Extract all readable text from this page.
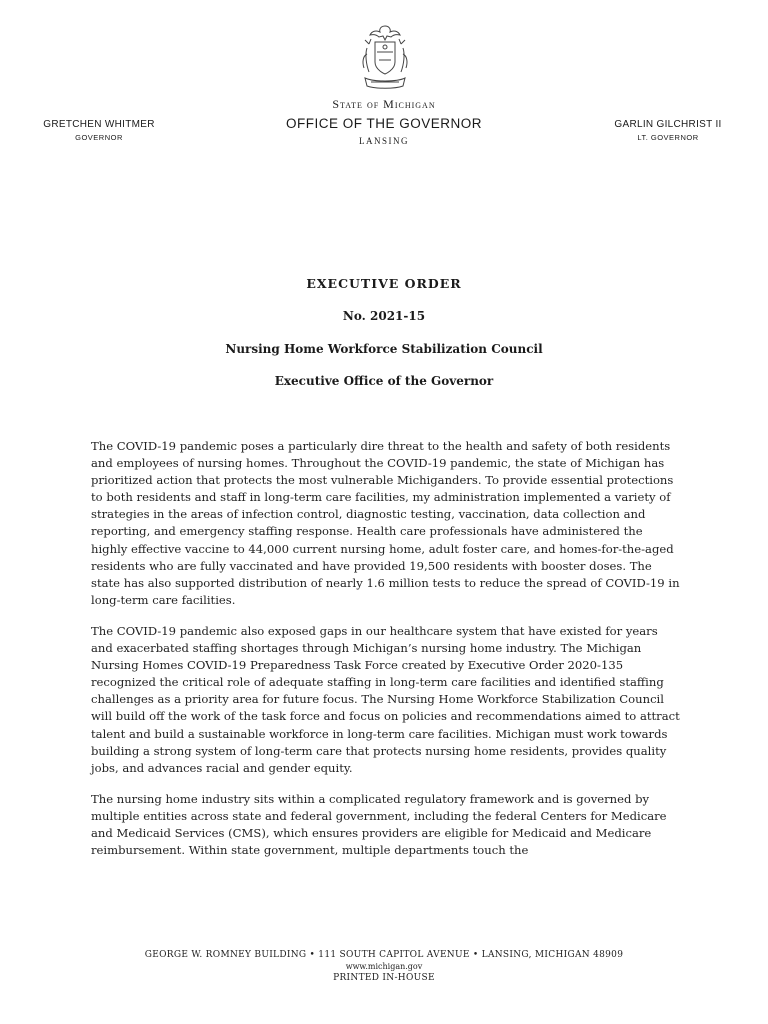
GRETCHEN WHITMER
GOVERNOR
State of Michigan
OFFICE OF THE GOVERNOR
LANSING
GARLIN GILCHRIST II
LT. GOVERNOR
EXECUTIVE ORDER
No. 2021-15
Nursing Home Workforce Stabilization Council
Executive Office of the Governor

The COVID-19 pandemic poses a particularly dire threat to the health and safety of both residents and employees of nursing homes. Throughout the COVID-19 pandemic, the state of Michigan has prioritized action that protects the most vulnerable Michiganders. To provide essential protections to both residents and staff in long-term care facilities, my administration implemented a variety of strategies in the areas of infection control, diagnostic testing, vaccination, data collection and reporting, and emergency staffing response. Health care professionals have administered the highly effective vaccine to 44,000 current nursing home, adult foster care, and homes-for-the-aged residents who are fully vaccinated and have provided 19,500 residents with booster doses. The state has also supported distribution of nearly 1.6 million tests to reduce the spread of COVID-19 in long-term care facilities.

The COVID-19 pandemic also exposed gaps in our healthcare system that have existed for years and exacerbated staffing shortages through Michigan’s nursing home industry. The Michigan Nursing Homes COVID-19 Preparedness Task Force created by Executive Order 2020-135 recognized the critical role of adequate staffing in long-term care facilities and identified staffing challenges as a priority area for future focus. The Nursing Home Workforce Stabilization Council will build off the work of the task force and focus on policies and recommendations aimed to attract talent and build a sustainable workforce in long-term care facilities. Michigan must work towards building a strong system of long-term care that protects nursing home residents, provides quality jobs, and advances racial and gender equity.

The nursing home industry sits within a complicated regulatory framework and is governed by multiple entities across state and federal government, including the federal Centers for Medicare and Medicaid Services (CMS), which ensures providers are eligible for Medicaid and Medicare reimbursement. Within state government, multiple departments touch the

GEORGE W. ROMNEY BUILDING • 111 SOUTH CAPITOL AVENUE • LANSING, MICHIGAN 48909
www.michigan.gov
PRINTED IN-HOUSE
